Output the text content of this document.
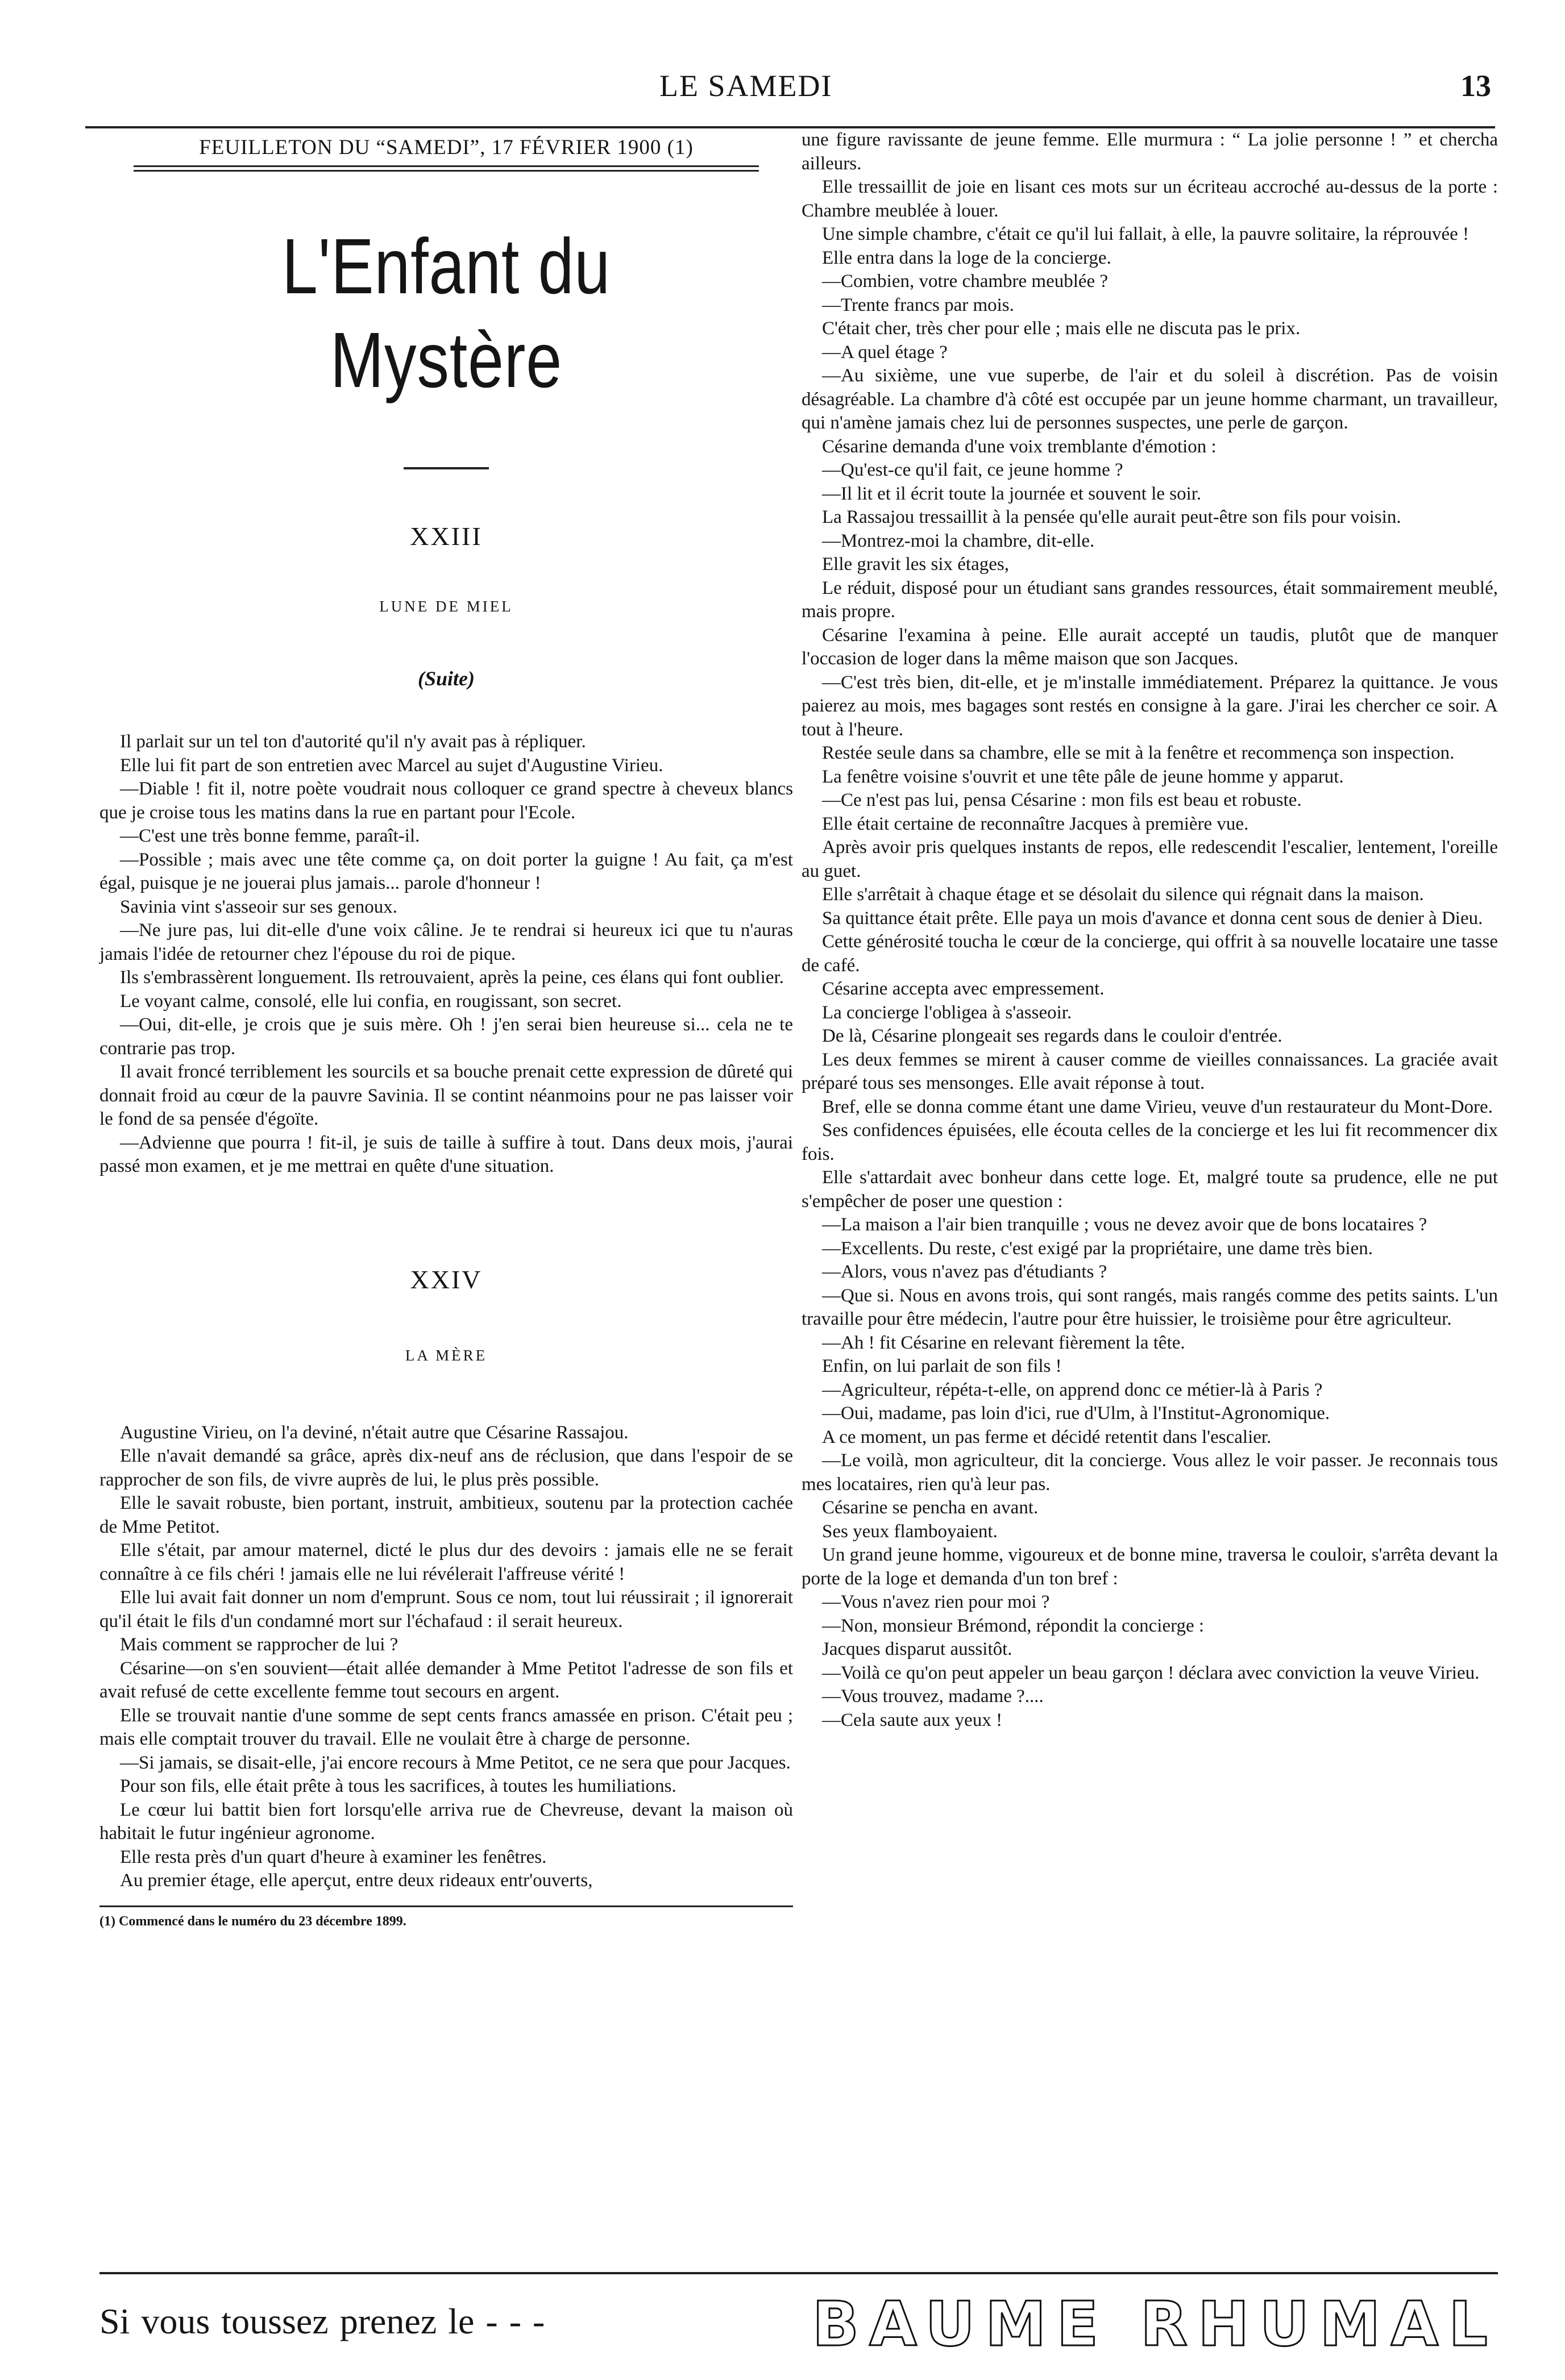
LE SAMEDI	13
FEUILLETON DU “SAMEDI”, 17 FÉVRIER 1900 (1)
L'Enfant du Mystère
XXIII
LUNE DE MIEL
(Suite)

Il parlait sur un tel ton d'autorité qu'il n'y avait pas à répliquer.

Elle lui fit part de son entretien avec Marcel au sujet d'Augustine Virieu.

—Diable ! fit il, notre poète voudrait nous colloquer ce grand spectre à cheveux blancs que je croise tous les matins dans la rue en partant pour l'Ecole.

—C'est une très bonne femme, paraît-il.

—Possible ; mais avec une tête comme ça, on doit porter la guigne ! Au fait, ça m'est égal, puisque je ne jouerai plus jamais... parole d'honneur !

Savinia vint s'asseoir sur ses genoux.

—Ne jure pas, lui dit-elle d'une voix câline. Je te rendrai si heureux ici que tu n'auras jamais l'idée de retourner chez l'épouse du roi de pique.

Ils s'embrassèrent longuement. Ils retrouvaient, après la peine, ces élans qui font oublier.

Le voyant calme, consolé, elle lui confia, en rougissant, son secret.

—Oui, dit-elle, je crois que je suis mère. Oh ! j'en serai bien heureuse si... cela ne te contrarie pas trop.

Il avait froncé terriblement les sourcils et sa bouche prenait cette expression de dûreté qui donnait froid au cœur de la pauvre Savinia. Il se contint néanmoins pour ne pas laisser voir le fond de sa pensée d'égoïte.

—Advienne que pourra ! fit-il, je suis de taille à suffire à tout. Dans deux mois, j'aurai passé mon examen, et je me mettrai en quête d'une situation.

XXIV
LA MÈRE

Augustine Virieu, on l'a deviné, n'était autre que Césarine Rassajou.

Elle n'avait demandé sa grâce, après dix-neuf ans de réclusion, que dans l'espoir de se rapprocher de son fils, de vivre auprès de lui, le plus près possible.

Elle le savait robuste, bien portant, instruit, ambitieux, soutenu par la protection cachée de Mme Petitot.

Elle s'était, par amour maternel, dicté le plus dur des devoirs : jamais elle ne se ferait connaître à ce fils chéri ! jamais elle ne lui révélerait l'affreuse vérité !

Elle lui avait fait donner un nom d'emprunt. Sous ce nom, tout lui réussirait ; il ignorerait qu'il était le fils d'un condamné mort sur l'échafaud : il serait heureux.

Mais comment se rapprocher de lui ?

Césarine—on s'en souvient—était allée demander à Mme Petitot l'adresse de son fils et avait refusé de cette excellente femme tout secours en argent.

Elle se trouvait nantie d'une somme de sept cents francs amassée en prison. C'était peu ; mais elle comptait trouver du travail. Elle ne voulait être à charge de personne.

—Si jamais, se disait-elle, j'ai encore recours à Mme Petitot, ce ne sera que pour Jacques.

Pour son fils, elle était prête à tous les sacrifices, à toutes les humiliations.

Le cœur lui battit bien fort lorsqu'elle arriva rue de Chevreuse, devant la maison où habitait le futur ingénieur agronome.

Elle resta près d'un quart d'heure à examiner les fenêtres.

Au premier étage, elle aperçut, entre deux rideaux entr'ouverts,

(1) Commencé dans le numéro du 23 décembre 1899.

une figure ravissante de jeune femme. Elle murmura : “ La jolie personne ! ” et chercha ailleurs.

Elle tressaillit de joie en lisant ces mots sur un écriteau accroché au-dessus de la porte : Chambre meublée à louer.

Une simple chambre, c'était ce qu'il lui fallait, à elle, la pauvre solitaire, la réprouvée !

Elle entra dans la loge de la concierge.

—Combien, votre chambre meublée ?

—Trente francs par mois.

C'était cher, très cher pour elle ; mais elle ne discuta pas le prix.

—A quel étage ?

—Au sixième, une vue superbe, de l'air et du soleil à discrétion. Pas de voisin désagréable. La chambre d'à côté est occupée par un jeune homme charmant, un travailleur, qui n'amène jamais chez lui de personnes suspectes, une perle de garçon.

Césarine demanda d'une voix tremblante d'émotion :

—Qu'est-ce qu'il fait, ce jeune homme ?

—Il lit et il écrit toute la journée et souvent le soir.

La Rassajou tressaillit à la pensée qu'elle aurait peut-être son fils pour voisin.

—Montrez-moi la chambre, dit-elle.

Elle gravit les six étages,

Le réduit, disposé pour un étudiant sans grandes ressources, était sommairement meublé, mais propre.

Césarine l'examina à peine. Elle aurait accepté un taudis, plutôt que de manquer l'occasion de loger dans la même maison que son Jacques.

—C'est très bien, dit-elle, et je m'installe immédiatement. Préparez la quittance. Je vous paierez au mois, mes bagages sont restés en consigne à la gare. J'irai les chercher ce soir. A tout à l'heure.

Restée seule dans sa chambre, elle se mit à la fenêtre et recommença son inspection.

La fenêtre voisine s'ouvrit et une tête pâle de jeune homme y apparut.

—Ce n'est pas lui, pensa Césarine : mon fils est beau et robuste.

Elle était certaine de reconnaître Jacques à première vue.

Après avoir pris quelques instants de repos, elle redescendit l'escalier, lentement, l'oreille au guet.

Elle s'arrêtait à chaque étage et se désolait du silence qui régnait dans la maison.

Sa quittance était prête. Elle paya un mois d'avance et donna cent sous de denier à Dieu.

Cette générosité toucha le cœur de la concierge, qui offrit à sa nouvelle locataire une tasse de café.

Césarine accepta avec empressement.

La concierge l'obligea à s'asseoir.

De là, Césarine plongeait ses regards dans le couloir d'entrée.

Les deux femmes se mirent à causer comme de vieilles connaissances. La graciée avait préparé tous ses mensonges. Elle avait réponse à tout.

Bref, elle se donna comme étant une dame Virieu, veuve d'un restaurateur du Mont-Dore.

Ses confidences épuisées, elle écouta celles de la concierge et les lui fit recommencer dix fois.

Elle s'attardait avec bonheur dans cette loge. Et, malgré toute sa prudence, elle ne put s'empêcher de poser une question :

—La maison a l'air bien tranquille ; vous ne devez avoir que de bons locataires ?

—Excellents. Du reste, c'est exigé par la propriétaire, une dame très bien.

—Alors, vous n'avez pas d'étudiants ?

—Que si. Nous en avons trois, qui sont rangés, mais rangés comme des petits saints. L'un travaille pour être médecin, l'autre pour être huissier, le troisième pour être agriculteur.

—Ah ! fit Césarine en relevant fièrement la tête.

Enfin, on lui parlait de son fils !

—Agriculteur, répéta-t-elle, on apprend donc ce métier-là à Paris ?

—Oui, madame, pas loin d'ici, rue d'Ulm, à l'Institut-Agronomique.

A ce moment, un pas ferme et décidé retentit dans l'escalier.

—Le voilà, mon agriculteur, dit la concierge. Vous allez le voir passer. Je reconnais tous mes locataires, rien qu'à leur pas.

Césarine se pencha en avant.

Ses yeux flamboyaient.

Un grand jeune homme, vigoureux et de bonne mine, traversa le couloir, s'arrêta devant la porte de la loge et demanda d'un ton bref :

—Vous n'avez rien pour moi ?

—Non, monsieur Brémond, répondit la concierge :

Jacques disparut aussitôt.

—Voilà ce qu'on peut appeler un beau garçon ! déclara avec conviction la veuve Virieu.

—Vous trouvez, madame ?....

—Cela saute aux yeux !

Si vous toussez prenez le - - -	BAUME RHUMAL
